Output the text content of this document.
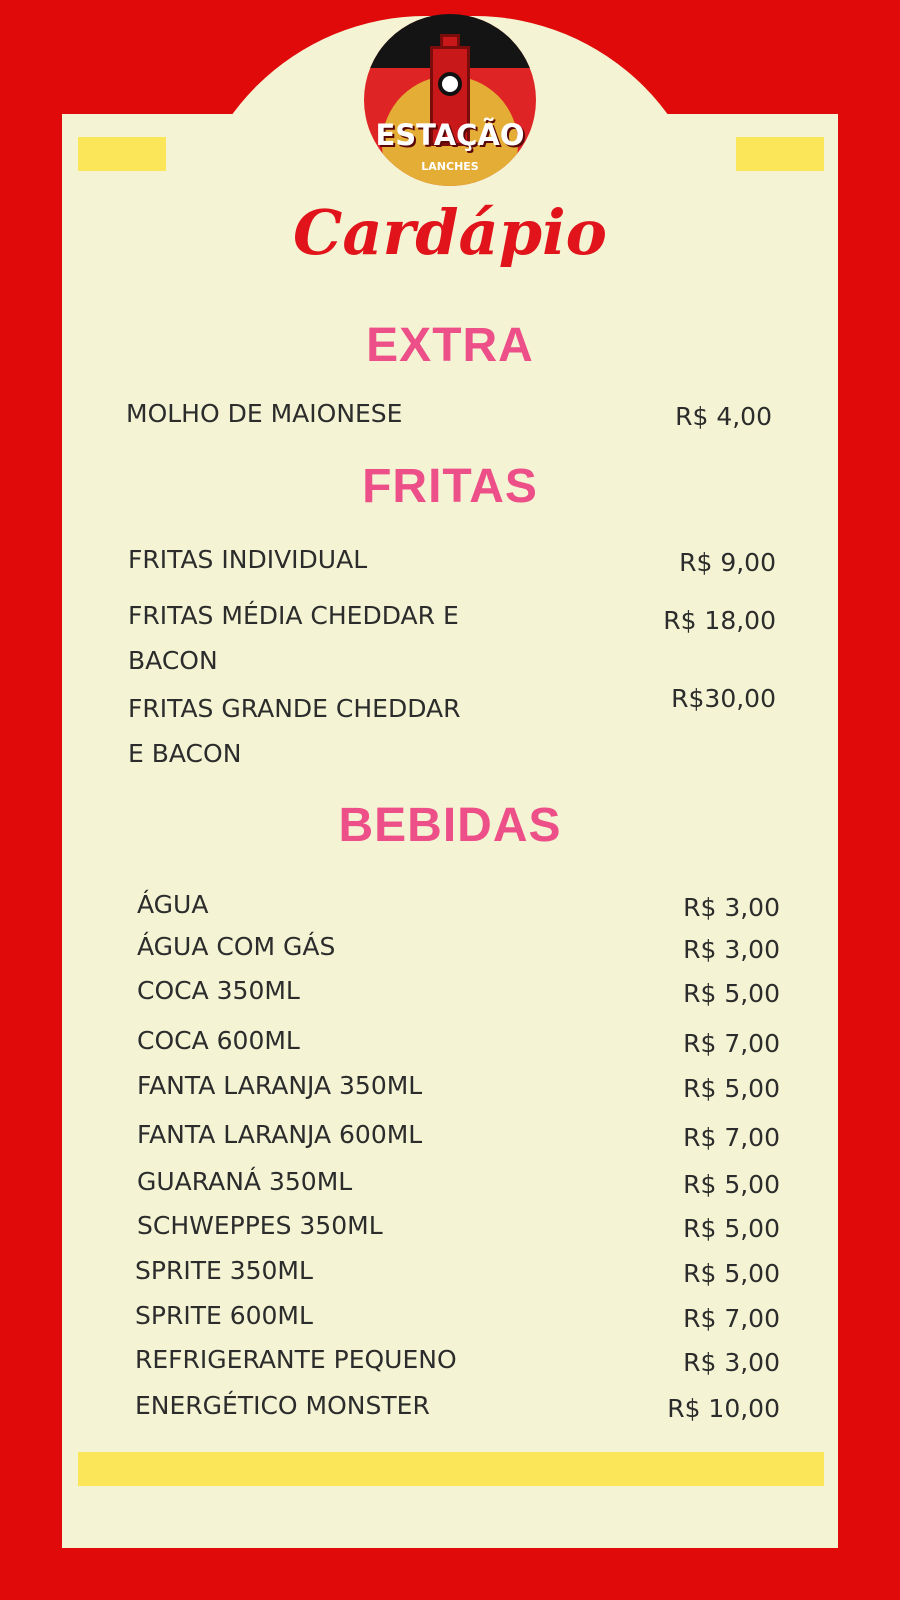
ESTAÇÃO
LANCHES
Cardápio
EXTRA
MOLHO DE MAIONESE	R$ 4,00
FRITAS
FRITAS INDIVIDUAL	R$ 9,00
FRITAS MÉDIA CHEDDAR E
BACON
R$ 18,00
FRITAS GRANDE CHEDDAR
E BACON
R$30,00
BEBIDAS
ÁGUA	R$ 3,00
ÁGUA COM GÁS	R$ 3,00
COCA 350ML	R$ 5,00
COCA 600ML	R$ 7,00
FANTA LARANJA 350ML	R$ 5,00
FANTA LARANJA 600ML	R$ 7,00
GUARANÁ 350ML	R$ 5,00
SCHWEPPES 350ML	R$ 5,00
SPRITE 350ML	R$ 5,00
SPRITE 600ML	R$ 7,00
REFRIGERANTE PEQUENO	R$ 3,00
ENERGÉTICO MONSTER	R$ 10,00
